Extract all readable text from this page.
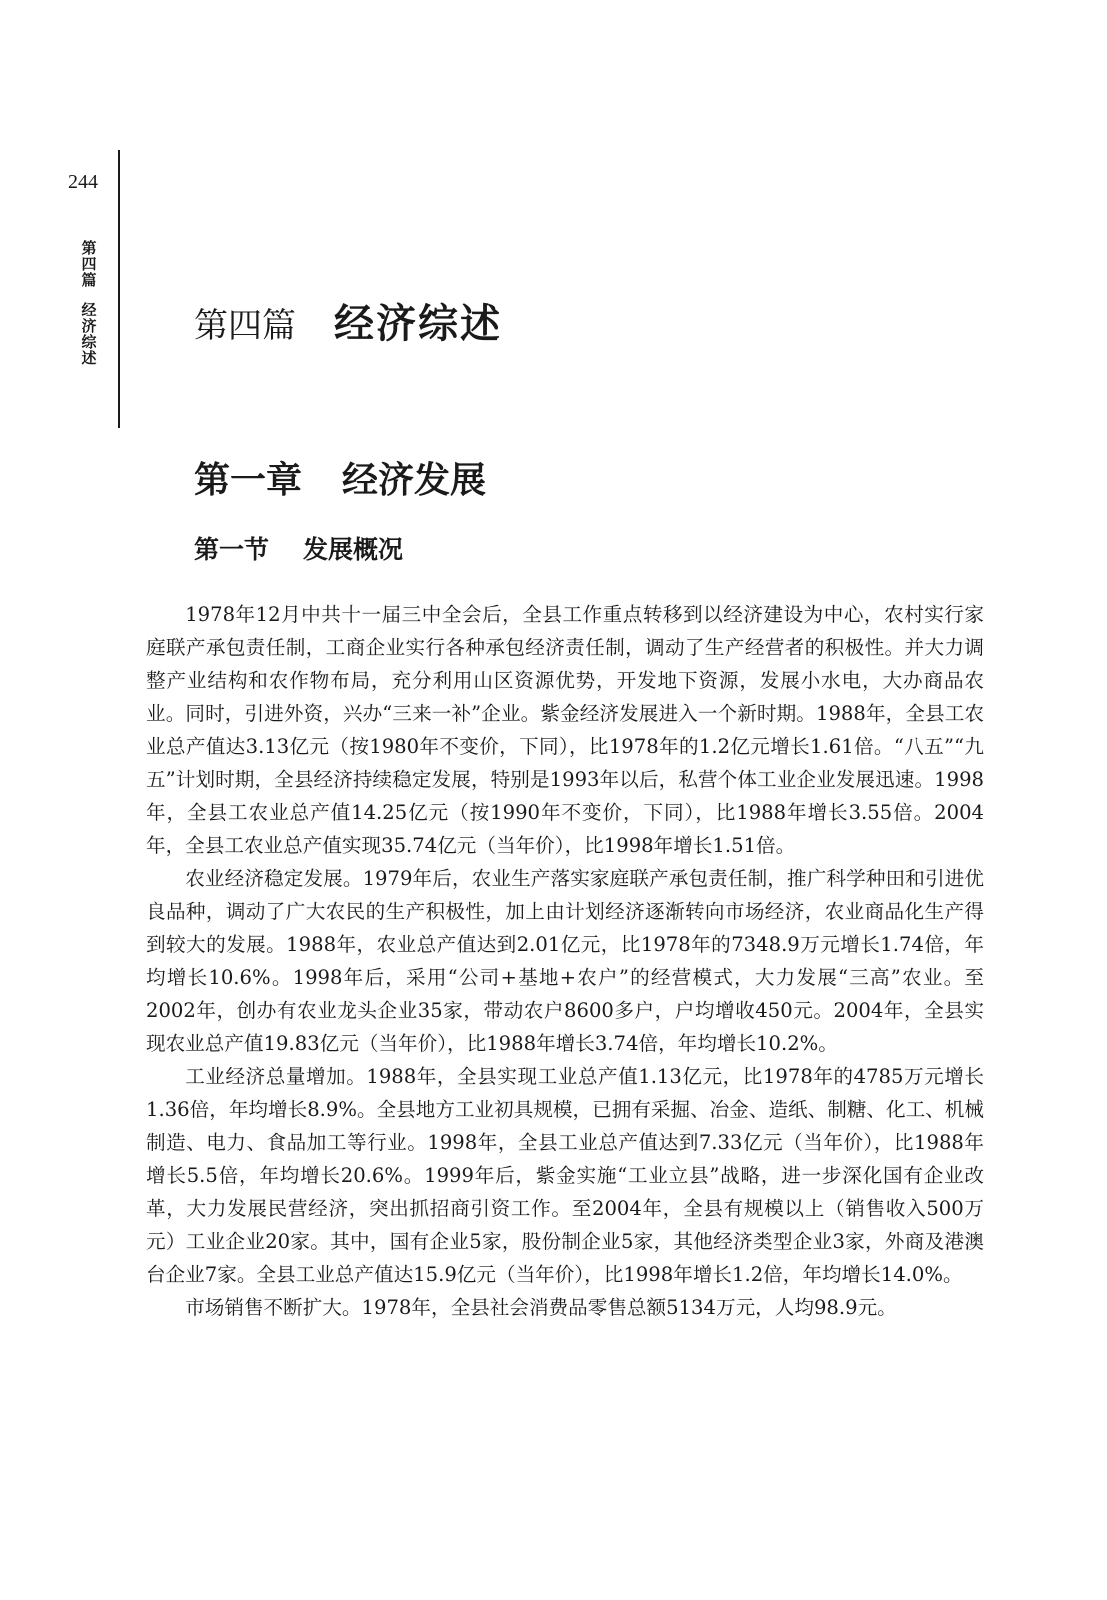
244
第
四
篇
经
济
综
述
第四篇 经济综述
第一章 经济发展
第一节 发展概况

1978年12月中共十一届三中全会后，全县工作重点转移到以经济建设为中心，农村实行家庭联产承包责任制，工商企业实行各种承包经济责任制，调动了生产经营者的积极性。并大力调整产业结构和农作物布局，充分利用山区资源优势，开发地下资源，发展小水电，大办商品农业。同时，引进外资，兴办“三来一补”企业。紫金经济发展进入一个新时期。1988年，全县工农业总产值达3.13亿元（按1980年不变价，下同），比1978年的1.2亿元增长1.61倍。“八五”“九五”计划时期，全县经济持续稳定发展，特别是1993年以后，私营个体工业企业发展迅速。1998年，全县工农业总产值14.25亿元（按1990年不变价，下同），比1988年增长3.55倍。2004年，全县工农业总产值实现35.74亿元（当年价），比1998年增长1.51倍。

农业经济稳定发展。1979年后，农业生产落实家庭联产承包责任制，推广科学种田和引进优良品种，调动了广大农民的生产积极性，加上由计划经济逐渐转向市场经济，农业商品化生产得到较大的发展。1988年，农业总产值达到2.01亿元，比1978年的7348.9万元增长1.74倍，年均增长10.6%。1998年后，采用“公司+基地+农户”的经营模式，大力发展“三高”农业。至2002年，创办有农业龙头企业35家，带动农户8600多户，户均增收450元。2004年，全县实现农业总产值19.83亿元（当年价），比1988年增长3.74倍，年均增长10.2%。

工业经济总量增加。1988年，全县实现工业总产值1.13亿元，比1978年的4785万元增长1.36倍，年均增长8.9%。全县地方工业初具规模，已拥有采掘、冶金、造纸、制糖、化工、机械制造、电力、食品加工等行业。1998年，全县工业总产值达到7.33亿元（当年价），比1988年增长5.5倍，年均增长20.6%。1999年后，紫金实施“工业立县”战略，进一步深化国有企业改革，大力发展民营经济，突出抓招商引资工作。至2004年，全县有规模以上（销售收入500万元）工业企业20家。其中，国有企业5家，股份制企业5家，其他经济类型企业3家，外商及港澳台企业7家。全县工业总产值达15.9亿元（当年价），比1998年增长1.2倍，年均增长14.0%。

市场销售不断扩大。1978年，全县社会消费品零售总额5134万元，人均98.9元。
